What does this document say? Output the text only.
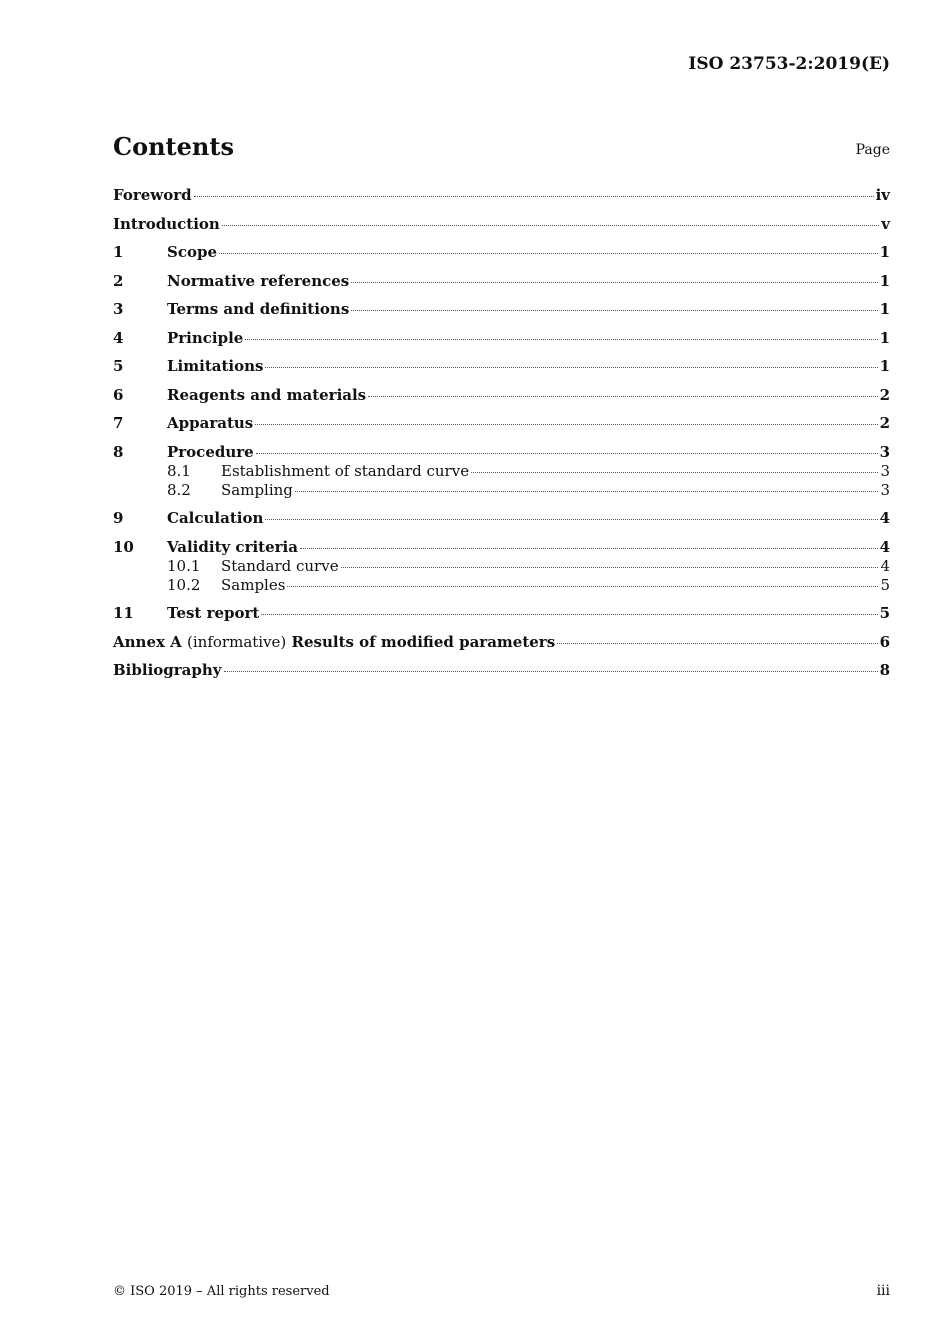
ISO 23753-2:2019(E)
Contents	Page
Foreword	iv
Introduction	v
1	Scope	1
2	Normative references	1
3	Terms and definitions	1
4	Principle	1
5	Limitations	1
6	Reagents and materials	2
7	Apparatus	2
8	Procedure	3
8.1	Establishment of standard curve	3
8.2	Sampling	3
9	Calculation	4
10	Validity criteria	4
10.1	Standard curve	4
10.2	Samples	5
11	Test report	5
Annex A (informative) Results of modified parameters	6
Bibliography	8
© ISO 2019 – All rights reserved	iii
